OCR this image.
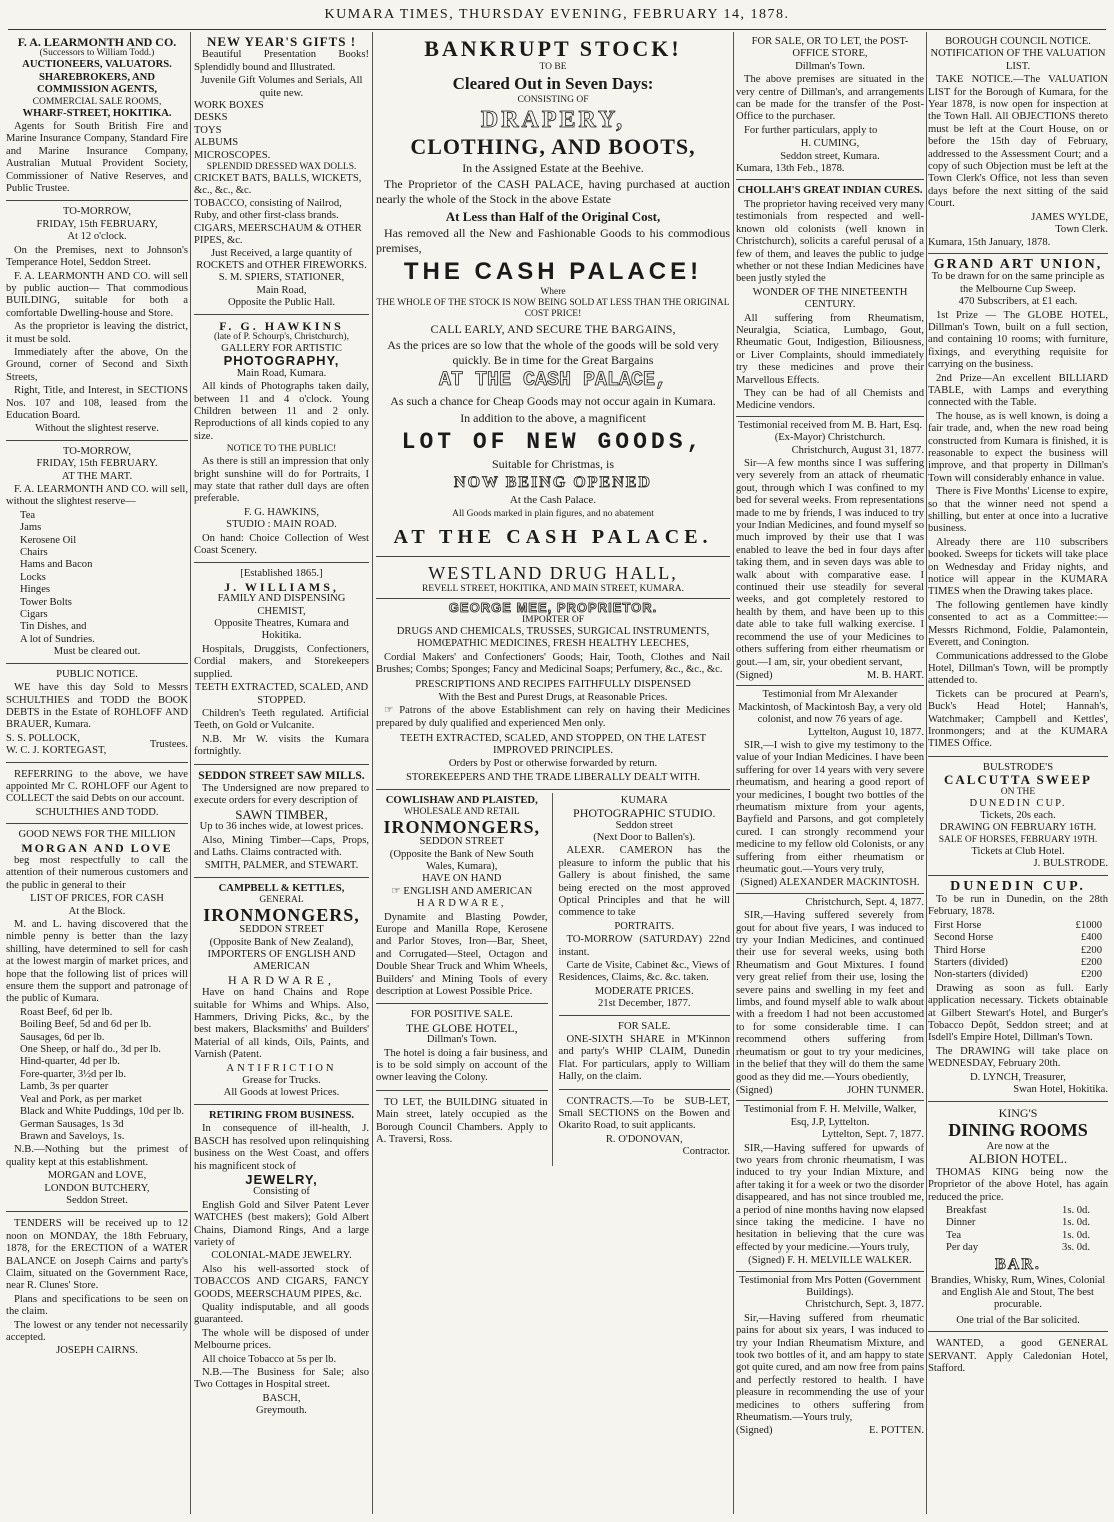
KUMARA TIMES, THURSDAY EVENING, FEBRUARY 14, 1878.
F. A. LEARMONTH AND CO.
(Successors to William Todd.)
AUCTIONEERS, VALUATORS. SHAREBROKERS, AND COMMISSION AGENTS,
COMMERCIAL SALE ROOMS,
WHARF-STREET, HOKITIKA.
Agents for South British Fire and Marine Insurance Company, Standard Fire and Marine Insurance Company, Australian Mutual Provident Society, Commissioner of Native Reserves, and Public Trustee.
TO-MORROW,
FRIDAY, 15th FEBRUARY,
At 12 o'clock.
On the Premises, next to Johnson's Temperance Hotel, Seddon Street.
F. A. LEARMONTH AND CO. will sell by public auction— That commodious BUILDING, suitable for both a comfortable Dwelling-house and Store.
As the proprietor is leaving the district, it must be sold.
Immediately after the above, On the Ground, corner of Second and Sixth Streets,
Right, Title, and Interest, in SECTIONS Nos. 107 and 108, leased from the Education Board.
Without the slightest reserve.
TO-MORROW,
FRIDAY, 15th FEBRUARY.
AT THE MART.
F. A. LEARMONTH AND CO. will sell, without the slightest reserve—
Tea
Jams
Kerosene Oil
Chairs
Hams and Bacon
Locks
Hinges
Tower Bolts
Cigars
Tin Dishes, and
A lot of Sundries.
Must be cleared out.
PUBLIC NOTICE.
WE have this day Sold to Messrs SCHULTHIES and TODD the BOOK DEBTS in the Estate of ROHLOFF AND BRAUER, Kumara.
S. S. POLLOCK,
W. C. J. KORTEGAST,
Trustees.
REFERRING to the above, we have appointed Mr C. ROHLOFF our Agent to COLLECT the said Debts on our account.
SCHULTHIES AND TODD.
GOOD NEWS FOR THE MILLION
MORGAN AND LOVE
beg most respectfully to call the attention of their numerous customers and the public in general to their
LIST OF PRICES, FOR CASH
At the Block.
M. and L. having discovered that the nimble penny is better than the lazy shilling, have determined to sell for cash at the lowest margin of market prices, and hope that the following list of prices will ensure them the support and patronage of the public of Kumara.
Roast Beef, 6d per lb.
Boiling Beef, 5d and 6d per lb.
Sausages, 6d per lb.
One Sheep, or half do., 3d per lb.
Hind-quarter, 4d per lb.
Fore-quarter, 3½d per lb.
Lamb, 3s per quarter
Veal and Pork, as per market
Black and White Puddings, 10d per lb.
German Sausages, 1s 3d
Brawn and Saveloys, 1s.
N.B.—Nothing but the primest of quality kept at this establishment.
MORGAN and LOVE,
LONDON BUTCHERY,
Seddon Street.
TENDERS will be received up to 12 noon on MONDAY, the 18th February, 1878, for the ERECTION of a WATER BALANCE on Joseph Cairns and party's Claim, situated on the Government Race, near R. Clunes' Store.
Plans and specifications to be seen on the claim.
The lowest or any tender not necessarily accepted.
JOSEPH CAIRNS.
NEW YEAR'S GIFTS !
Beautiful Presentation Books! Splendidly bound and Illustrated.
Juvenile Gift Volumes and Serials, All quite new.
WORK BOXES
DESKS
TOYS
ALBUMS
MICROSCOPES.
SPLENDID DRESSED WAX DOLLS.
CRICKET BATS, BALLS, WICKETS, &c., &c., &c.
TOBACCO, consisting of Nailrod, Ruby, and other first-class brands.
CIGARS, MEERSCHAUM & OTHER PIPES, &c.
Just Received, a large quantity of ROCKETS and OTHER FIREWORKS.
S. M. SPIERS, STATIONER,
Main Road,
Opposite the Public Hall.
F. G. HAWKINS
(late of P. Schourp's, Christchurch),
GALLERY FOR ARTISTIC
PHOTOGRAPHY,
Main Road, Kumara.
All kinds of Photographs taken daily, between 11 and 4 o'clock. Young Children between 11 and 2 only. Reproductions of all kinds copied to any size.
NOTICE TO THE PUBLIC!
As there is still an impression that only bright sunshine will do for Portraits, I may state that rather dull days are often preferable.
F. G. HAWKINS,
STUDIO : MAIN ROAD.
On hand: Choice Collection of West Coast Scenery.
[Established 1865.]
J. WILLIAMS,
FAMILY AND DISPENSING CHEMIST,
Opposite Theatres, Kumara and Hokitika.
Hospitals, Druggists, Confectioners, Cordial makers, and Storekeepers supplied.
TEETH EXTRACTED, SCALED, AND STOPPED.
Children's Teeth regulated. Artificial Teeth, on Gold or Vulcanite.
N.B. Mr W. visits the Kumara fortnightly.
SEDDON STREET SAW MILLS.
The Undersigned are now prepared to execute orders for every description of
SAWN TIMBER,
Up to 36 inches wide, at lowest prices.
Also, Mining Timber—Caps, Props, and Laths. Claims contracted with.
SMITH, PALMER, and STEWART.
CAMPBELL & KETTLES,
GENERAL
IRONMONGERS,
SEDDON STREET
(Opposite Bank of New Zealand),
IMPORTERS OF ENGLISH AND AMERICAN
HARDWARE,
Have on hand Chains and Rope suitable for Whims and Whips. Also, Hammers, Driving Picks, &c., by the best makers, Blacksmiths' and Builders' Material of all kinds, Oils, Paints, and Varnish (Patent.
ANTIFRICTION
Grease for Trucks.
All Goods at lowest Prices.
RETIRING FROM BUSINESS.
In consequence of ill-health, J. BASCH has resolved upon relinquishing business on the West Coast, and offers his magnificent stock of
JEWELRY,
Consisting of
English Gold and Silver Patent Lever WATCHES (best makers); Gold Albert Chains, Diamond Rings, And a large variety of
COLONIAL-MADE JEWELRY.
Also his well-assorted stock of TOBACCOS AND CIGARS, FANCY GOODS, MEERSCHAUM PIPES, &c.
Quality indisputable, and all goods guaranteed.
The whole will be disposed of under Melbourne prices.
All choice Tobacco at 5s per lb.
N.B.—The Business for Sale; also Two Cottages in Hospital street.
BASCH,
Greymouth.
BANKRUPT STOCK!
TO BE
Cleared Out in Seven Days:
CONSISTING OF
DRAPERY,
CLOTHING, AND BOOTS,
In the Assigned Estate at the Beehive.
The Proprietor of the CASH PALACE, having purchased at auction nearly the whole of the Stock in the above Estate
At Less than Half of the Original Cost,
Has removed all the New and Fashionable Goods to his commodious premises,
THE CASH PALACE!
Where
THE WHOLE OF THE STOCK IS NOW BEING SOLD AT LESS THAN THE ORIGINAL COST PRICE!
CALL EARLY, AND SECURE THE BARGAINS,
As the prices are so low that the whole of the goods will be sold very quickly. Be in time for the Great Bargains
AT THE CASH PALACE,
As such a chance for Cheap Goods may not occur again in Kumara.
In addition to the above, a magnificent
LOT OF NEW GOODS,
Suitable for Christmas, is
NOW BEING OPENED
At the Cash Palace.
All Goods marked in plain figures, and no abatement
AT THE CASH PALACE.
WESTLAND DRUG HALL,
REVELL STREET, HOKITIKA, AND MAIN STREET, KUMARA.
GEORGE MEE, PROPRIETOR.
IMPORTER OF
DRUGS AND CHEMICALS, TRUSSES, SURGICAL INSTRUMENTS, HOMŒPATHIC MEDICINES, FRESH HEALTHY LEECHES,
Cordial Makers' and Confectioners' Goods; Hair, Tooth, Clothes and Nail Brushes; Combs; Sponges; Fancy and Medicinal Soaps; Perfumery, &c., &c., &c.
PRESCRIPTIONS AND RECIPES FAITHFULLY DISPENSED
With the Best and Purest Drugs, at Reasonable Prices.
☞ Patrons of the above Establishment can rely on having their Medicines prepared by duly qualified and experienced Men only.
TEETH EXTRACTED, SCALED, AND STOPPED, ON THE LATEST IMPROVED PRINCIPLES.
Orders by Post or otherwise forwarded by return.
STOREKEEPERS AND THE TRADE LIBERALLY DEALT WITH.
COWLISHAW AND PLAISTED,
WHOLESALE AND RETAIL
IRONMONGERS,
SEDDON STREET
(Opposite the Bank of New South Wales, Kumara),
HAVE ON HAND
☞ ENGLISH AND AMERICAN
HARDWARE,
Dynamite and Blasting Powder, Europe and Manilla Rope, Kerosene and Parlor Stoves, Iron—Bar, Sheet, and Corrugated—Steel, Octagon and Double Shear Truck and Whim Wheels, Builders' and Mining Tools of every description at Lowest Possible Price.
FOR POSITIVE SALE.
THE GLOBE HOTEL,
Dillman's Town.
The hotel is doing a fair business, and is to be sold simply on account of the owner leaving the Colony.
TO LET, the BUILDING situated in Main street, lately occupied as the Borough Council Chambers. Apply to A. Traversi, Ross.
KUMARA
PHOTOGRAPHIC STUDIO.
Seddon street
(Next Door to Ballen's).
ALEXR. CAMERON has the pleasure to inform the public that his Gallery is about finished, the same being erected on the most approved Optical Principles and that he will commence to take
PORTRAITS.
TO-MORROW (SATURDAY) 22nd instant.
Carte de Visite, Cabinet &c., Views of Residences, Claims, &c. &c. taken.
MODERATE PRICES.
21st December, 1877.
FOR SALE.
ONE-SIXTH SHARE in M'Kinnon and party's WHIP CLAIM, Dunedin Flat. For particulars, apply to William Hally, on the claim.
CONTRACTS.—To be SUB-LET, Small SECTIONS on the Bowen and Okarito Road, to suit applicants.
R. O'DONOVAN,
Contractor.
FOR SALE, OR TO LET, the POST-OFFICE STORE,
Dillman's Town.
The above premises are situated in the very centre of Dillman's, and arrangements can be made for the transfer of the Post-Office to the purchaser.
For further particulars, apply to
H. CUMING,
Seddon street, Kumara.
Kumara, 13th Feb., 1878.
CHOLLAH'S GREAT INDIAN CURES.
The proprietor having received very many testimonials from respected and well-known old colonists (well known in Christchurch), solicits a careful perusal of a few of them, and leaves the public to judge whether or not these Indian Medicines have been justly styled the
WONDER OF THE NINETEENTH CENTURY.
All suffering from Rheumatism, Neuralgia, Sciatica, Lumbago, Gout, Rheumatic Gout, Indigestion, Biliousness, or Liver Complaints, should immediately try these medicines and prove their Marvellous Effects.
They can be had of all Chemists and Medicine vendors.
Testimonial received from M. B. Hart, Esq. (Ex-Mayor) Christchurch.
Christchurch, August 31, 1877.
Sir—A few months since I was suffering very severely from an attack of rheumatic gout, through which I was confined to my bed for several weeks. From representations made to me by friends, I was induced to try your Indian Medicines, and found myself so much improved by their use that I was enabled to leave the bed in four days after taking them, and in seven days was able to walk about with comparative ease. I continued their use steadily for several weeks, and got completely restored to health by them, and have been up to this date able to take full walking exercise. I recommend the use of your Medicines to others suffering from either rheumatism or gout.—I am, sir, your obedient servant,
(Signed)	M. B. HART.
Testimonial from Mr Alexander Mackintosh, of Mackintosh Bay, a very old colonist, and now 76 years of age.
Lyttelton, August 10, 1877.
SIR,—I wish to give my testimony to the value of your Indian Medicines. I have been suffering for over 14 years with very severe rheumatism, and hearing a good report of your medicines, I bought two bottles of the rheumatism mixture from your agents, Bayfield and Parsons, and got completely cured. I can strongly recommend your medicine to my fellow old Colonists, or any suffering from either rheumatism or rheumatic gout.—Yours very truly,
(Signed) ALEXANDER MACKINTOSH.
Christchurch, Sept. 4, 1877.
SIR,—Having suffered severely from gout for about five years, I was induced to try your Indian Medicines, and continued their use for several weeks, using both Rheumatism and Gout Mixtures. I found very great relief from their use, losing the severe pains and swelling in my feet and limbs, and found myself able to walk about with a freedom I had not been accustomed to for some considerable time. I can recommend others suffering from rheumatism or gout to try your medicines, in the belief that they will do them the same good as they did me.—Yours obediently,
(Signed)	JOHN TUNMER.
Testimonial from F. H. Melville, Walker, Esq, J.P, Lyttelton.
Lyttelton, Sept. 7, 1877.
SIR,—Having suffered for upwards of two years from chronic rheumatism, I was induced to try your Indian Mixture, and after taking it for a week or two the disorder disappeared, and has not since troubled me, a period of nine months having now elapsed since taking the medicine. I have no hesitation in believing that the cure was effected by your medicine.—Yours truly,
(Signed) F. H. MELVILLE WALKER.
Testimonial from Mrs Potten (Government Buildings).
Christchurch, Sept. 3, 1877.
Sir,—Having suffered from rheumatic pains for about six years, I was induced to try your Indian Rheumatism Mixture, and took two bottles of it, and am happy to state got quite cured, and am now free from pains and perfectly restored to health. I have pleasure in recommending the use of your medicines to others suffering from Rheumatism.—Yours truly,
(Signed)	E. POTTEN.
BOROUGH COUNCIL NOTICE.
NOTIFICATION OF THE VALUATION LIST.
TAKE NOTICE.—The VALUATION LIST for the Borough of Kumara, for the Year 1878, is now open for inspection at the Town Hall. All OBJECTIONS thereto must be left at the Court House, on or before the 15th day of February, addressed to the Assessment Court; and a copy of such Objection must be left at the Town Clerk's Office, not less than seven days before the next sitting of the said Court.
JAMES WYLDE,
Town Clerk.
Kumara, 15th January, 1878.
GRAND ART UNION,
To be drawn for on the same principle as the Melbourne Cup Sweep.
470 Subscribers, at £1 each.
1st Prize — The GLOBE HOTEL, Dillman's Town, built on a full section, and containing 10 rooms; with furniture, fixings, and everything requisite for carrying on the business.
2nd Prize—An excellent BILLIARD TABLE, with Lamps and everything connected with the Table.
The house, as is well known, is doing a fair trade, and, when the new road being constructed from Kumara is finished, it is reasonable to expect the business will improve, and that property in Dillman's Town will considerably enhance in value.
There is Five Months' License to expire, so that the winner need not spend a shilling, but enter at once into a lucrative business.
Already there are 110 subscribers booked. Sweeps for tickets will take place on Wednesday and Friday nights, and notice will appear in the KUMARA TIMES when the Drawing takes place.
The following gentlemen have kindly consented to act as a Committee:— Messrs Richmond, Foldie, Palamontein, Everett, and Conington.
Communications addressed to the Globe Hotel, Dillman's Town, will be promptly attended to.
Tickets can be procured at Pearn's, Buck's Head Hotel; Hannah's, Watchmaker; Campbell and Kettles', Ironmongers; and at the KUMARA TIMES Office.
BULSTRODE'S
CALCUTTA SWEEP
ON THE
DUNEDIN CUP.
Tickets, 20s each.
DRAWING ON FEBRUARY 16TH.
SALE OF HORSES, FEBRUARY 19TH.
Tickets at Club Hotel.
J. BULSTRODE.
DUNEDIN CUP.
To be run in Dunedin, on the 28th February, 1878.
First Horse	£1000
Second Horse	£400
Third Horse	£200
Starters (divided)	£200
Non-starters (divided)	£200
Drawing as soon as full. Early application necessary. Tickets obtainable at Gilbert Stewart's Hotel, and Burger's Tobacco Depôt, Seddon street; and at Isdell's Empire Hotel, Dillman's Town.
The DRAWING will take place on WEDNESDAY, February 20th.
D. LYNCH, Treasurer,
Swan Hotel, Hokitika.
KING'S
DINING ROOMS
Are now at the
ALBION HOTEL.
THOMAS KING being now the Proprietor of the above Hotel, has again reduced the price.
Breakfast	1s. 0d.
Dinner	1s. 0d.
Tea	1s. 0d.
Per day	3s. 0d.
BAR.
Brandies, Whisky, Rum, Wines, Colonial and English Ale and Stout, The best procurable.
One trial of the Bar solicited.
WANTED, a good GENERAL SERVANT. Apply Caledonian Hotel, Stafford.
